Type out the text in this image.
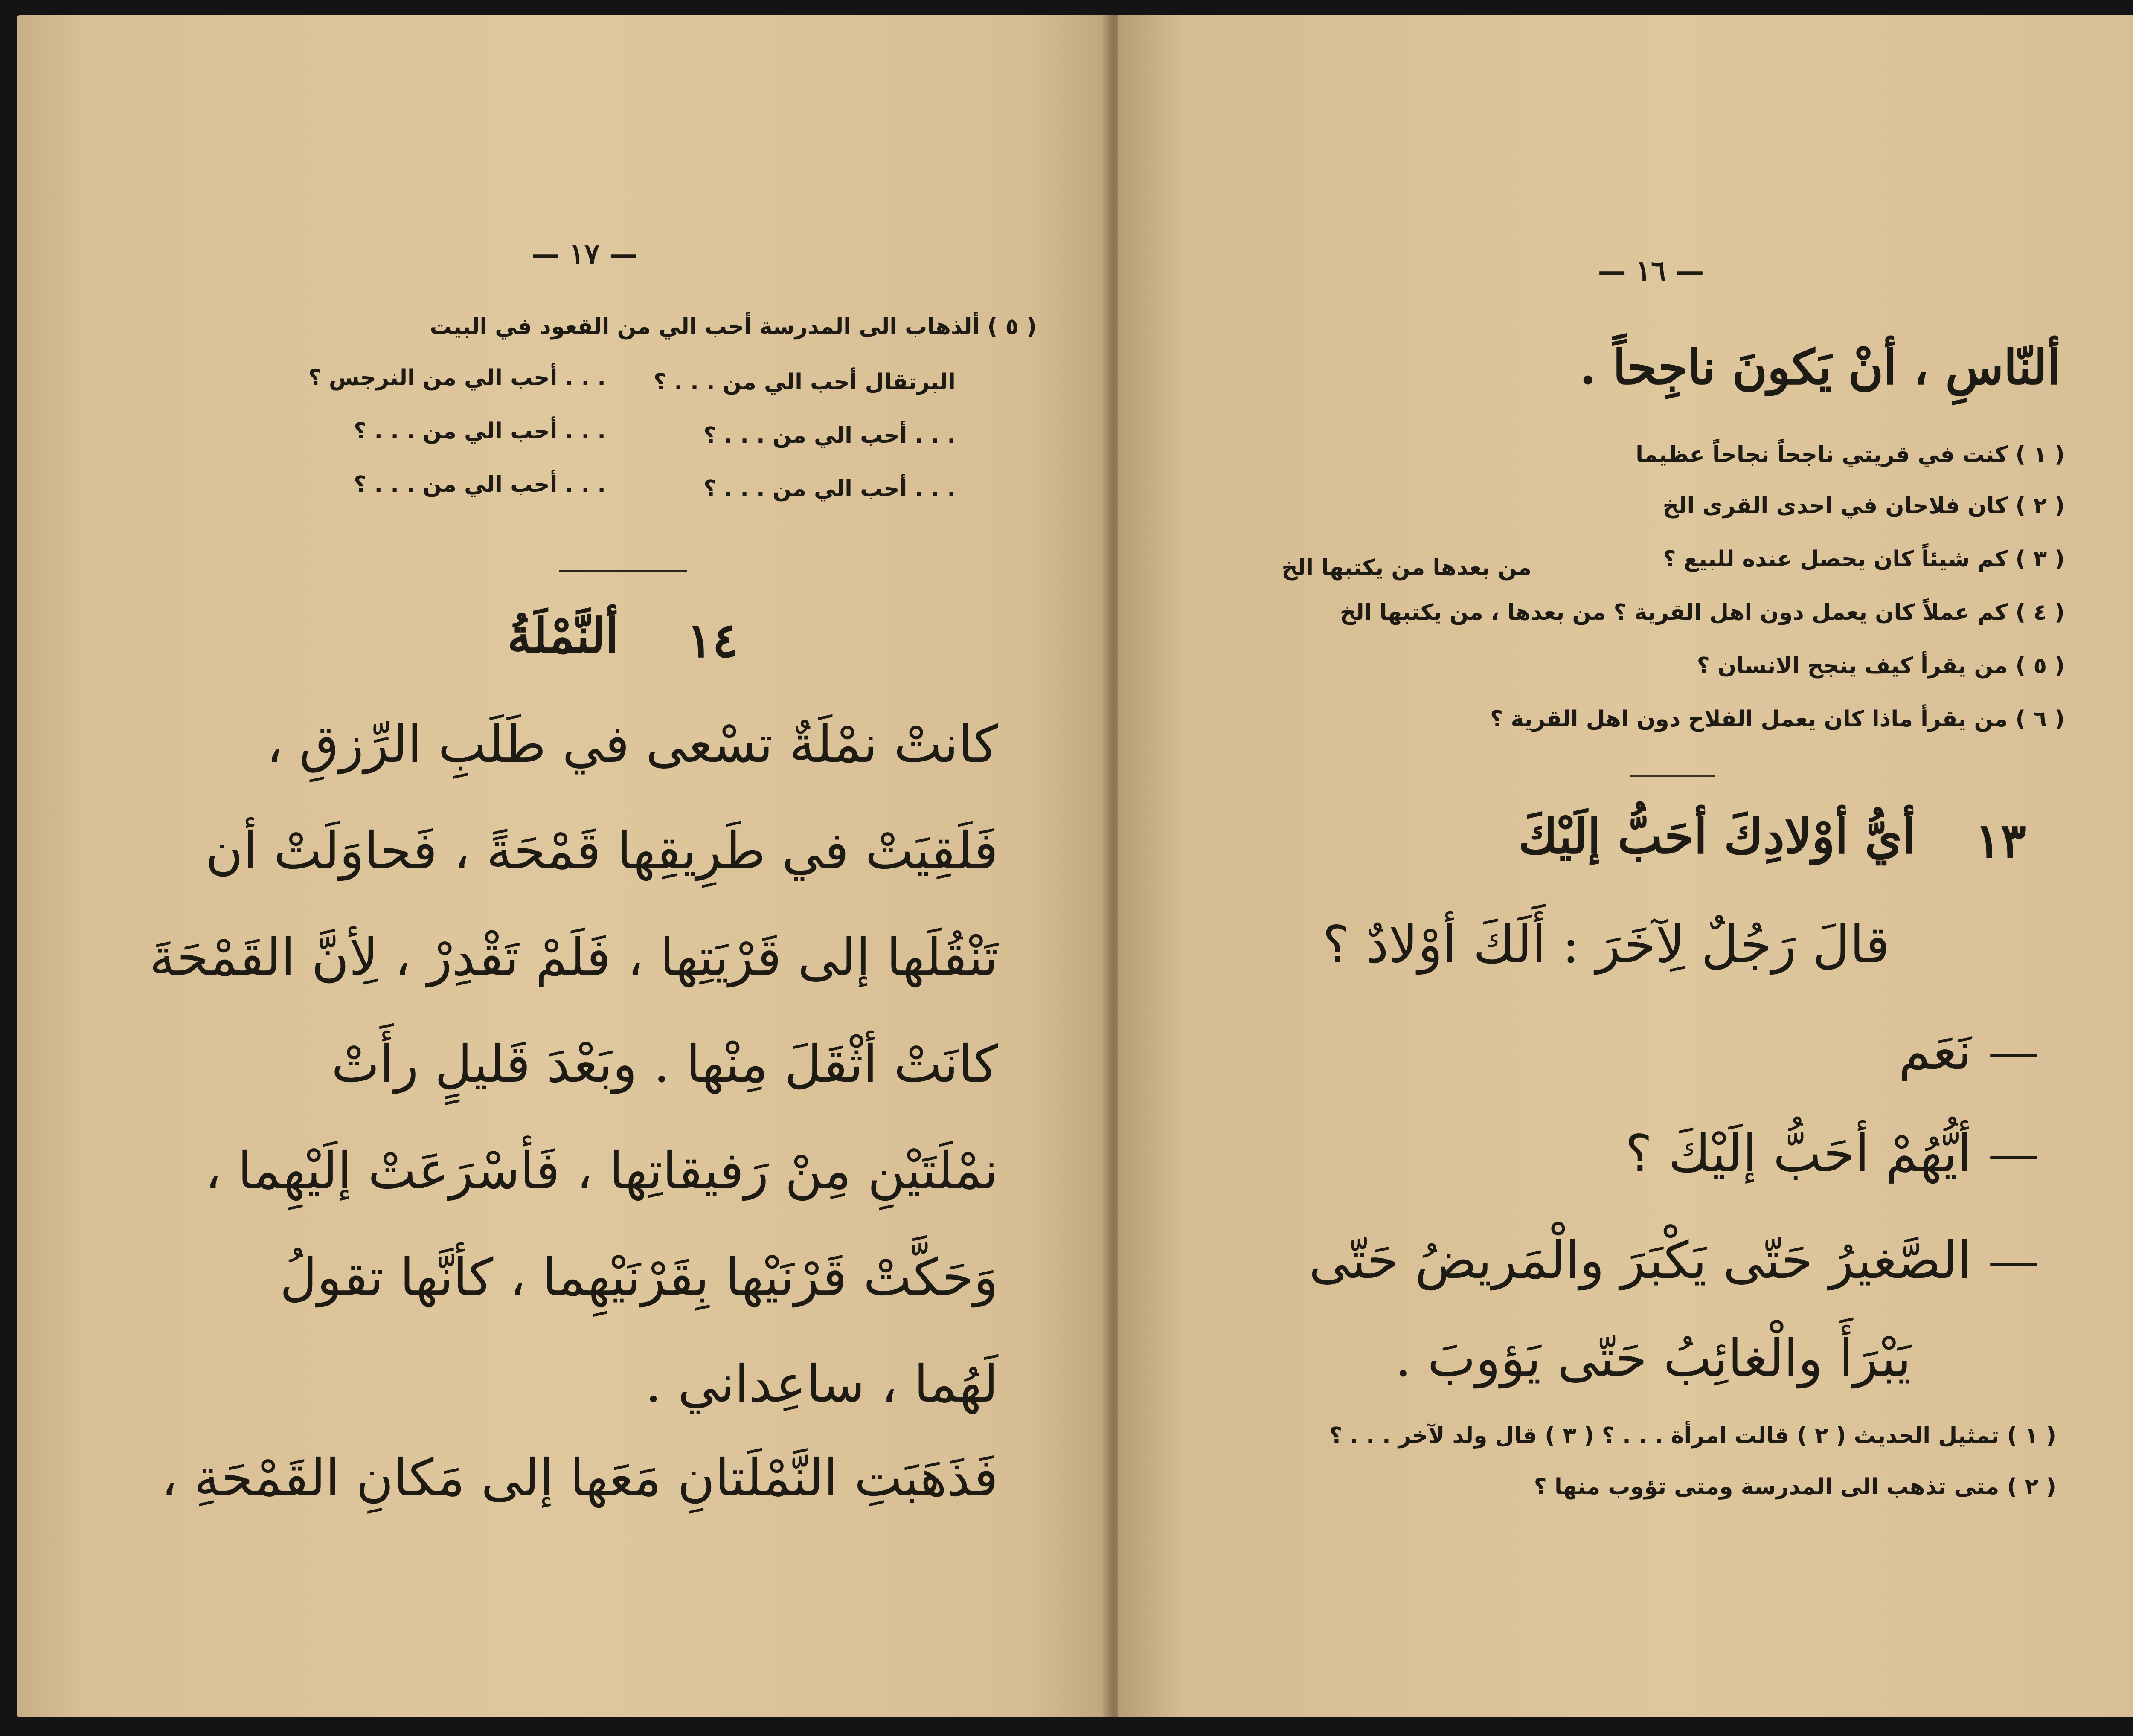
— ١٧ —
( ٥ ) ألذهاب الى المدرسة أحب الي من القعود في البيت
البرتقال أحب الي من . . . ؟
. . . أحب الي من النرجس ؟
. . . أحب الي من . . . ؟
. . . أحب الي من . . . ؟
. . . أحب الي من . . . ؟
. . . أحب الي من . . . ؟
١٤
ألنَّمْلَةُ
كانتْ نمْلَةٌ تسْعى في طَلَبِ الرِّزقِ ،
فَلَقِيَتْ في طَرِيقِها قَمْحَةً ، فَحاوَلَتْ أن
تَنْقُلَها إلى قَرْيَتِها ، فَلَمْ تَقْدِرْ ، لِأنَّ القَمْحَةَ
كانَتْ أثْقَلَ مِنْها . وبَعْدَ قَليلٍ رأَتْ
نمْلَتَيْنِ مِنْ رَفيقاتِها ، فَأسْرَعَتْ إلَيْهِما ،
وَحَكَّتْ قَرْنَيْها بِقَرْنَيْهِما ، كأنَّها تقولُ
لَهُما ، ساعِداني .
فَذَهَبَتِ النَّمْلَتانِ مَعَها إلى مَكانِ القَمْحَةِ ،
— ١٦ —
ألنّاسِ ، أنْ يَكونَ ناجِحاً .
( ١ ) كنت في قريتي ناجحاً نجاحاً عظيما
( ٢ ) كان فلاحان في احدى القرى الخ
( ٣ ) كم شيئاً كان يحصل عنده للبيع ؟
من بعدها من يكتبها الخ
( ٤ ) كم عملاً كان يعمل دون اهل القرية ؟ من بعدها ، من يكتبها الخ
( ٥ ) من يقرأ كيف ينجح الانسان ؟
( ٦ ) من يقرأ ماذا كان يعمل الفلاح دون اهل القرية ؟
١٣
أيُّ أوْلادِكَ أحَبُّ إلَيْكَ
قالَ رَجُلٌ لِآخَرَ : أَلَكَ أوْلادٌ ؟
— نَعَم
— أيُّهُمْ أحَبُّ إلَيْكَ ؟
— الصَّغيرُ حَتّى يَكْبَرَ والْمَريضُ حَتّى
يَبْرَأَ والْغائِبُ حَتّى يَؤوبَ .
( ١ ) تمثيل الحديث ( ٢ ) قالت امرأة . . . ؟ ( ٣ ) قال ولد لآخر . . . ؟
( ٢ ) متى تذهب الى المدرسة ومتى تؤوب منها ؟
